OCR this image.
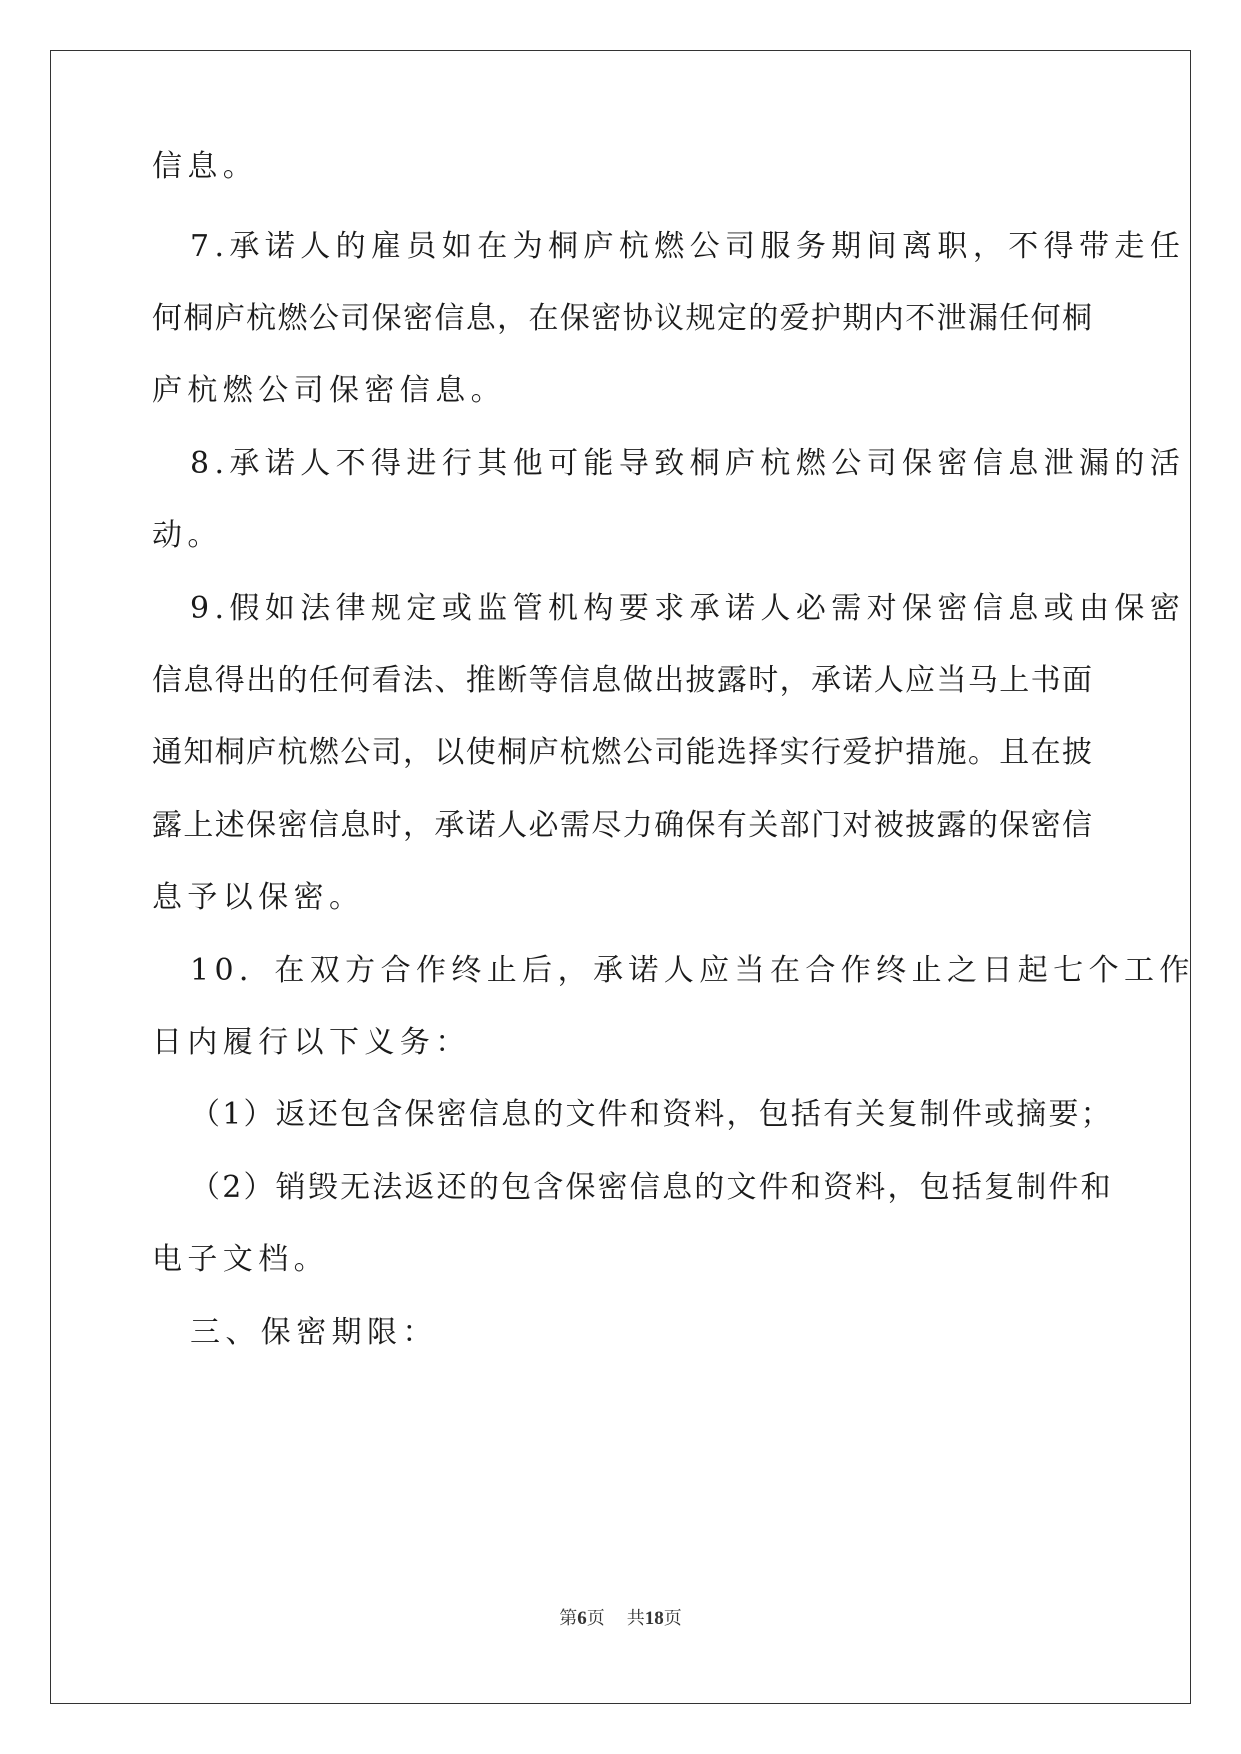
信息。
7.承诺人的雇员如在为桐庐杭燃公司服务期间离职，不得带走任
何桐庐杭燃公司保密信息，在保密协议规定的爱护期内不泄漏任何桐
庐杭燃公司保密信息。
8.承诺人不得进行其他可能导致桐庐杭燃公司保密信息泄漏的活
动。
9.假如法律规定或监管机构要求承诺人必需对保密信息或由保密
信息得出的任何看法、推断等信息做出披露时，承诺人应当马上书面
通知桐庐杭燃公司，以使桐庐杭燃公司能选择实行爱护措施。且在披
露上述保密信息时，承诺人必需尽力确保有关部门对被披露的保密信
息予以保密。
10．在双方合作终止后，承诺人应当在合作终止之日起七个工作
日内履行以下义务：
（1）返还包含保密信息的文件和资料，包括有关复制件或摘要；
（2）销毁无法返还的包含保密信息的文件和资料，包括复制件和
电子文档。
三、保密期限：
第6页 共18页
